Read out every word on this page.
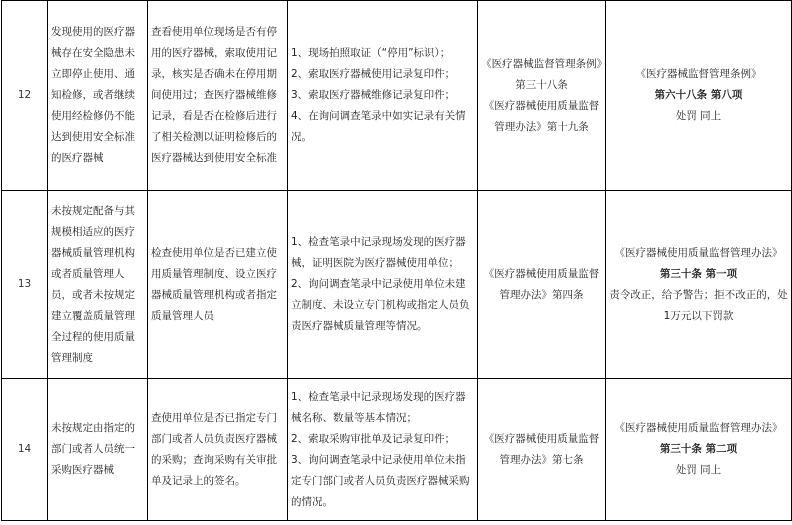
12	发现使用的医疗器械存在安全隐患未立即停止使用、通知检修，或者继续使用经检修仍不能达到使用安全标准的医疗器械	查看使用单位现场是否有停用的医疗器械，索取使用记录，核实是否确未在停用期间使用过；查医疗器械维修记录，看是否在检修后进行了相关检测以证明检修后的医疗器械达到使用安全标准	1、现场拍照取证（“停用”标识）；
2、索取医疗器械使用记录复印件；
3、索取医疗器械维修记录复印件；
4、在询问调查笔录中如实记录有关情况。	《医疗器械监督管理条例》第三十八条
《医疗器械使用质量监督管理办法》第十九条	《医疗器械监督管理条例》
第六十八条 第八项
处罚 同上

13	未按规定配备与其规模相适应的医疗器械质量管理机构或者质量管理人员，或者未按规定建立覆盖质量管理全过程的使用质量管理制度	检查使用单位是否已建立使用质量管理制度、设立医疗器械质量管理机构或者指定质量管理人员	1、检查笔录中记录现场发现的医疗器械，证明医院为医疗器械使用单位；
2、询问调查笔录中记录使用单位未建立制度、未设立专门机构或指定人员负责医疗器械质量管理等情况。	《医疗器械使用质量监督管理办法》第四条	《医疗器械使用质量监督管理办法》
第三十条 第一项
责令改正，给予警告；拒不改正的，处1万元以下罚款

14	未按规定由指定的部门或者人员统一采购医疗器械	查使用单位是否已指定专门部门或者人员负责医疗器械的采购；查询采购有关审批单及记录上的签名。	1、检查笔录中记录现场发现的医疗器械名称、数量等基本情况；
2、索取采购审批单及记录复印件；
3、询问调查笔录中记录使用单位未指定专门部门或者人员负责医疗器械采购的情况。	《医疗器械使用质量监督管理办法》第七条	《医疗器械使用质量监督管理办法》
第三十条 第二项
处罚 同上
